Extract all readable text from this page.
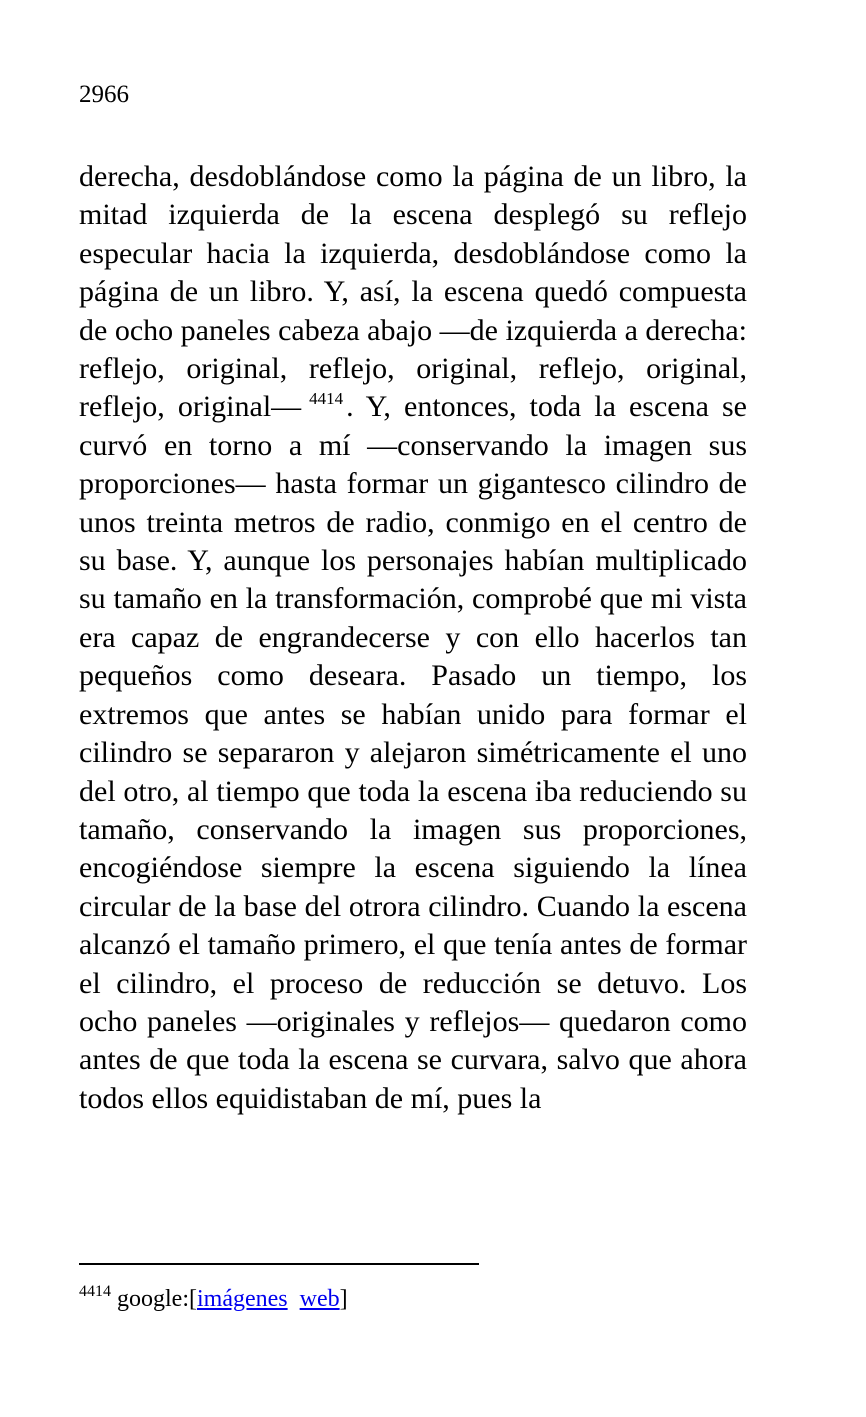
2966

derecha, desdoblándose como la página de un libro, la mitad izquierda de la escena desplegó su reflejo especular hacia la izquierda, desdoblándose como la página de un libro. Y, así, la escena quedó compuesta de ocho paneles cabeza abajo —de izquierda a derecha: reflejo, original, reflejo, original, reflejo, original, reflejo, original— $^{4414}$ . Y, entonces, toda la escena se curvó en torno a mí —conservando la imagen sus proporciones— hasta formar un gigantesco cilindro de unos treinta metros de radio, conmigo en el centro de su base. Y, aunque los personajes habían multiplicado su tamaño en la transformación, comprobé que mi vista era capaz de engrandecerse y con ello hacerlos tan pequeños como deseara. Pasado un tiempo, los extremos que antes se habían unido para formar el cilindro se separaron y alejaron simétricamente el uno del otro, al tiempo que toda la escena iba reduciendo su tamaño, conservando la imagen sus proporciones, encogiéndose siempre la escena siguiendo la línea circular de la base del otrora cilindro. Cuando la escena alcanzó el tamaño primero, el que tenía antes de formar el cilindro, el proceso de reducción se detuvo. Los ocho paneles —originales y reflejos— quedaron como antes de que toda la escena se curvara, salvo que ahora todos ellos equidistaban de mí, pues la

$^{4414}$ google:[imágenes web]
